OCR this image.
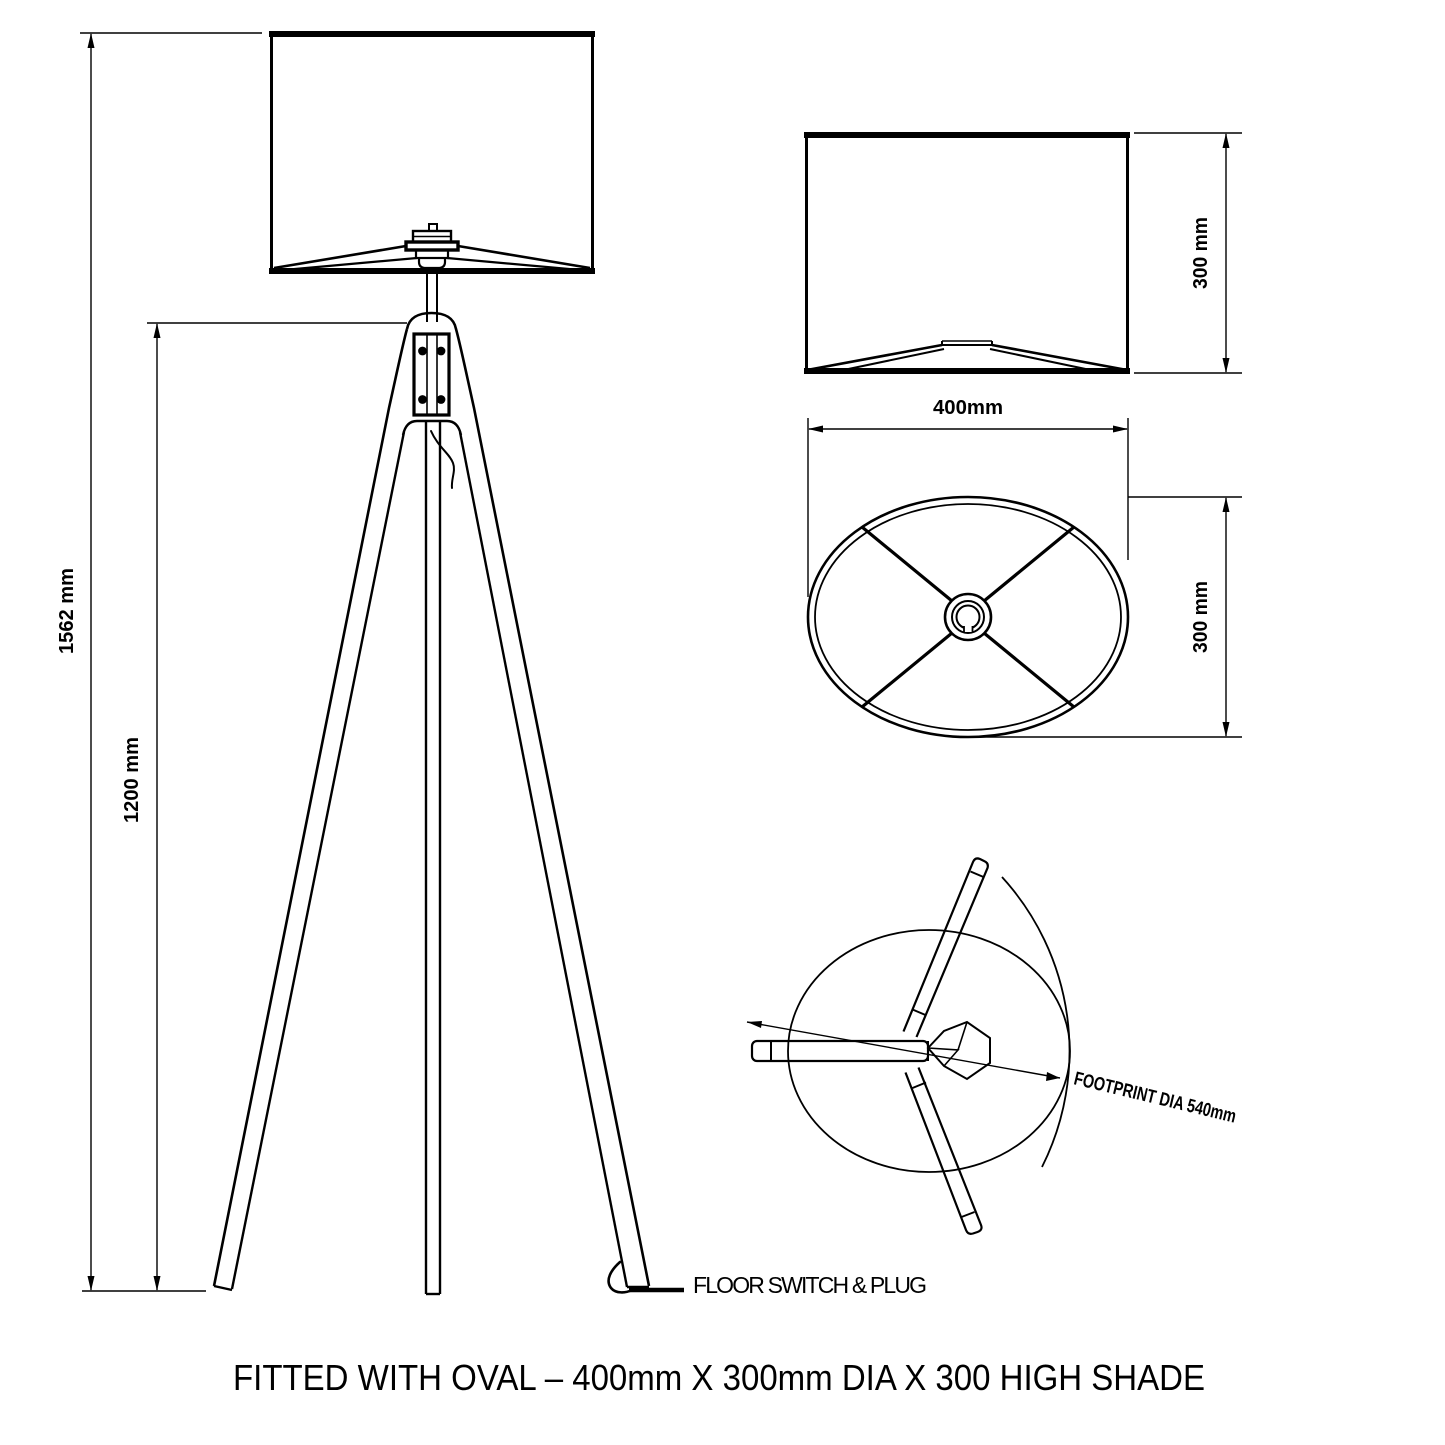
1562 mm
1200 mm
300 mm
400mm
300 mm
FOOTPRINT DIA 540mm
FLOOR SWITCH & PLUG
FITTED WITH OVAL – 400mm X 300mm DIA X 300 HIGH SHADE
